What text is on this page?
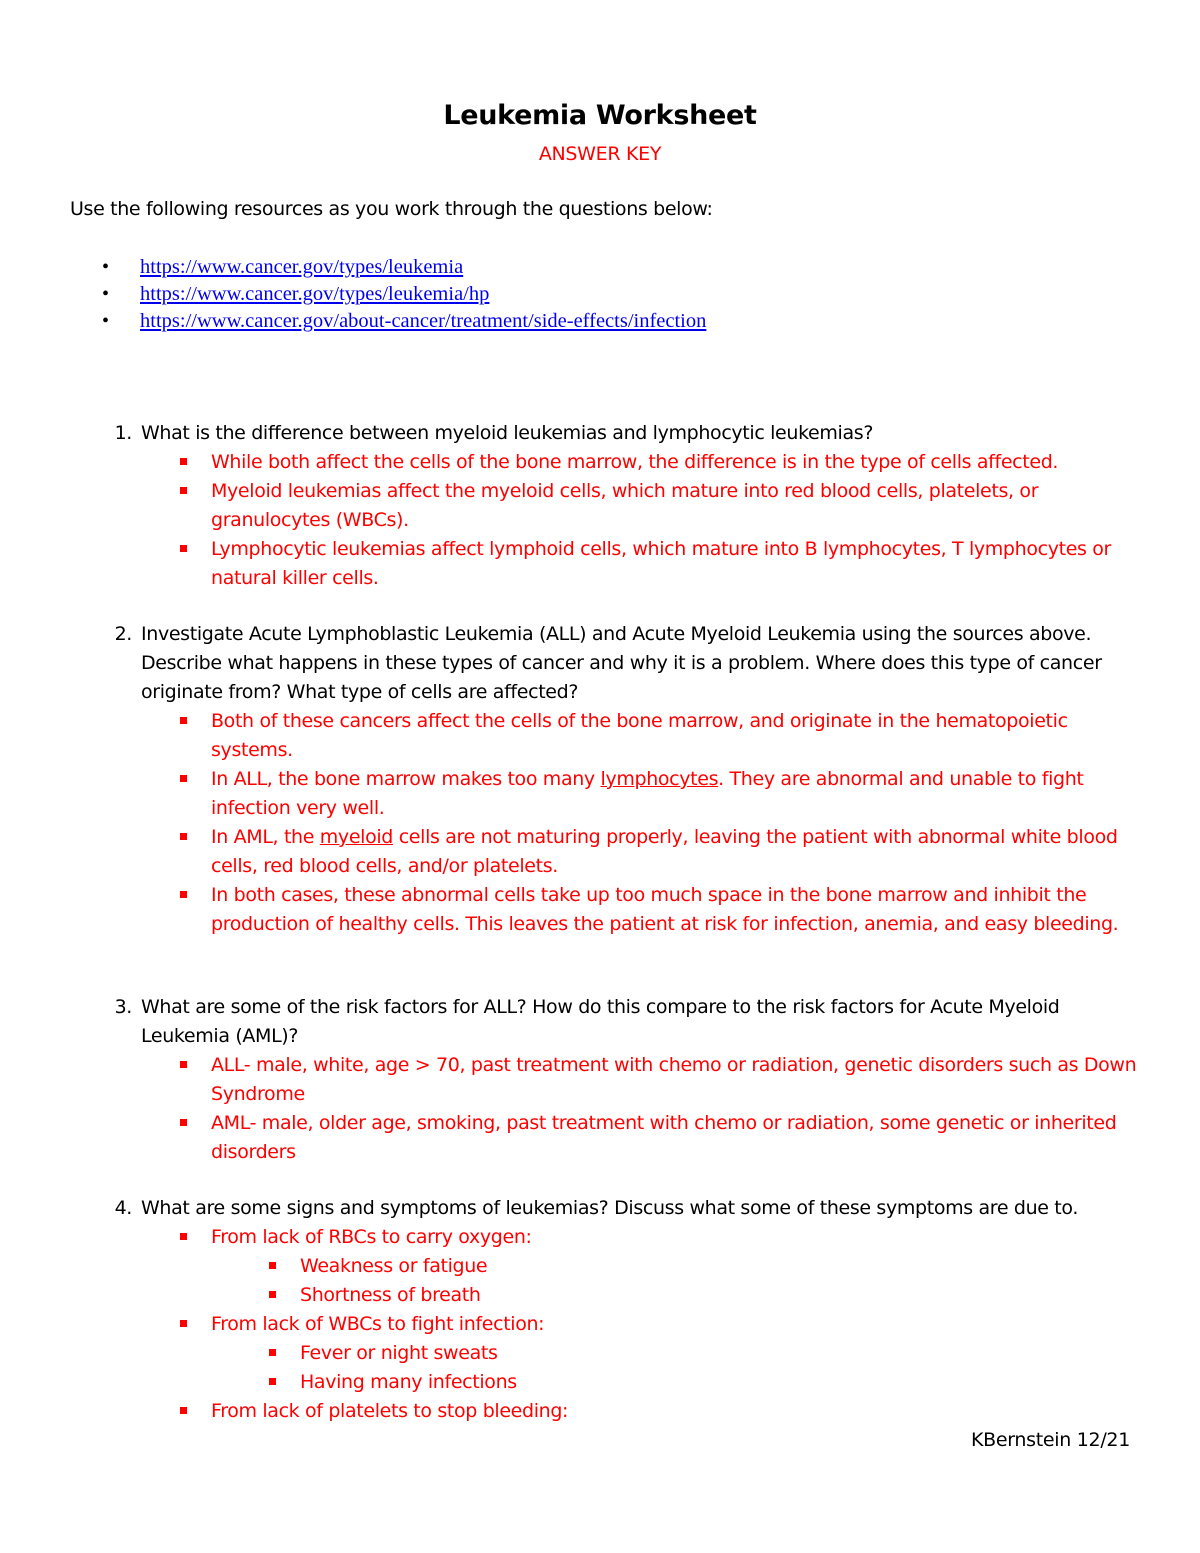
Leukemia Worksheet
ANSWER KEY
Use the following resources as you work through the questions below:
• https://www.cancer.gov/types/leukemia
• https://www.cancer.gov/types/leukemia/hp
• https://www.cancer.gov/about-cancer/treatment/side-effects/infection
1. What is the difference between myeloid leukemias and lymphocytic leukemias?
While both affect the cells of the bone marrow, the difference is in the type of cells affected.
Myeloid leukemias affect the myeloid cells, which mature into red blood cells, platelets, or granulocytes (WBCs).
Lymphocytic leukemias affect lymphoid cells, which mature into B lymphocytes, T lymphocytes or natural killer cells.
2. Investigate Acute Lymphoblastic Leukemia (ALL) and Acute Myeloid Leukemia using the sources above. Describe what happens in these types of cancer and why it is a problem. Where does this type of cancer originate from? What type of cells are affected?
Both of these cancers affect the cells of the bone marrow, and originate in the hematopoietic systems.
In ALL, the bone marrow makes too many lymphocytes. They are abnormal and unable to fight infection very well.
In AML, the myeloid cells are not maturing properly, leaving the patient with abnormal white blood cells, red blood cells, and/or platelets.
In both cases, these abnormal cells take up too much space in the bone marrow and inhibit the production of healthy cells. This leaves the patient at risk for infection, anemia, and easy bleeding.
3. What are some of the risk factors for ALL? How do this compare to the risk factors for Acute Myeloid Leukemia (AML)?
ALL- male, white, age > 70, past treatment with chemo or radiation, genetic disorders such as Down Syndrome
AML- male, older age, smoking, past treatment with chemo or radiation, some genetic or inherited disorders
4. What are some signs and symptoms of leukemias? Discuss what some of these symptoms are due to.
From lack of RBCs to carry oxygen:
Weakness or fatigue
Shortness of breath
From lack of WBCs to fight infection:
Fever or night sweats
Having many infections
From lack of platelets to stop bleeding:
KBernstein 12/21
